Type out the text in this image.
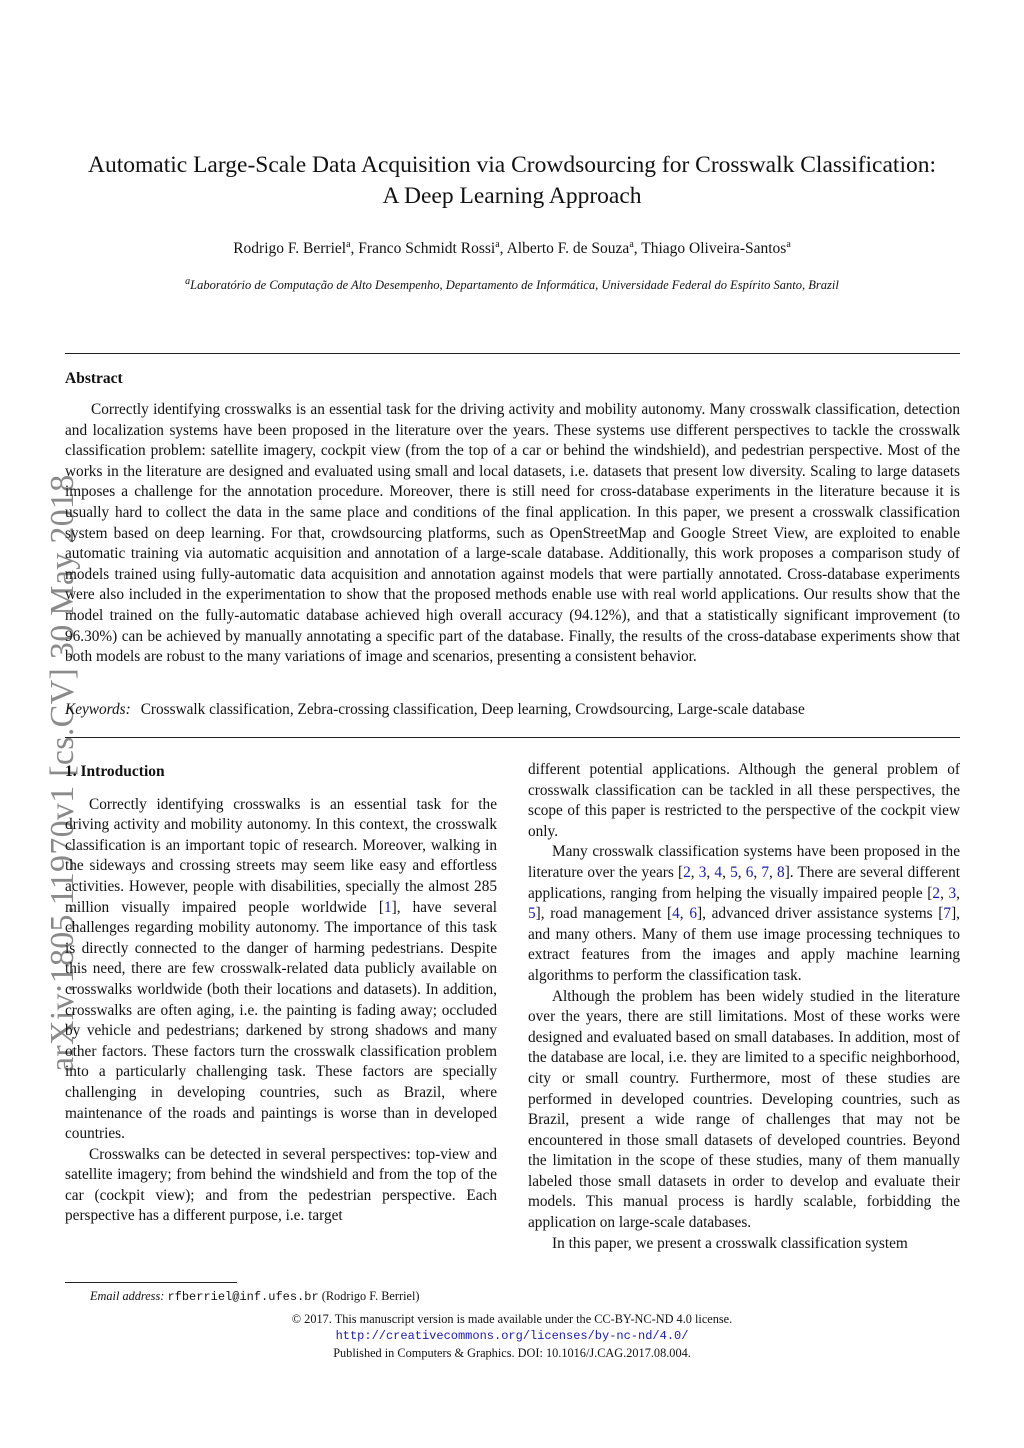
arXiv:1805.11970v1 [cs.CV] 30 May 2018
Automatic Large-Scale Data Acquisition via Crowdsourcing for Crosswalk Classification:
A Deep Learning Approach
Rodrigo F. Berriel$^a$, Franco Schmidt Rossi$^a$, Alberto F. de Souza$^a$, Thiago Oliveira-Santos$^a$
$^a$Laboratório de Computação de Alto Desempenho, Departamento de Informática, Universidade Federal do Espírito Santo, Brazil
Abstract

Correctly identifying crosswalks is an essential task for the driving activity and mobility autonomy. Many crosswalk classification, detection and localization systems have been proposed in the literature over the years. These systems use different perspectives to tackle the crosswalk classification problem: satellite imagery, cockpit view (from the top of a car or behind the windshield), and pedestrian perspective. Most of the works in the literature are designed and evaluated using small and local datasets, i.e. datasets that present low diversity. Scaling to large datasets imposes a challenge for the annotation procedure. Moreover, there is still need for cross-database experiments in the literature because it is usually hard to collect the data in the same place and conditions of the final application. In this paper, we present a crosswalk classification system based on deep learning. For that, crowdsourcing platforms, such as OpenStreetMap and Google Street View, are exploited to enable automatic training via automatic acquisition and annotation of a large-scale database. Additionally, this work proposes a comparison study of models trained using fully-automatic data acquisition and annotation against models that were partially annotated. Cross-database experiments were also included in the experimentation to show that the proposed methods enable use with real world applications. Our results show that the model trained on the fully-automatic database achieved high overall accuracy (94.12%), and that a statistically significant improvement (to 96.30%) can be achieved by manually annotating a specific part of the database. Finally, the results of the cross-database experiments show that both models are robust to the many variations of image and scenarios, presenting a consistent behavior.

Keywords: Crosswalk classification, Zebra-crossing classification, Deep learning, Crowdsourcing, Large-scale database
1. Introduction

Correctly identifying crosswalks is an essential task for the driving activity and mobility autonomy. In this context, the crosswalk classification is an important topic of research. Moreover, walking in the sideways and crossing streets may seem like easy and effortless activities. However, people with disabilities, specially the almost 285 million visually impaired people worldwide [1], have several challenges regarding mobility autonomy. The importance of this task is directly connected to the danger of harming pedestrians. Despite this need, there are few crosswalk-related data publicly available on crosswalks worldwide (both their locations and datasets). In addition, crosswalks are often aging, i.e. the painting is fading away; occluded by vehicle and pedestrians; darkened by strong shadows and many other factors. These factors turn the crosswalk classification problem into a particularly challenging task. These factors are specially challenging in developing countries, such as Brazil, where maintenance of the roads and paintings is worse than in developed countries.

Crosswalks can be detected in several perspectives: top-view and satellite imagery; from behind the windshield and from the top of the car (cockpit view); and from the pedestrian perspective. Each perspective has a different purpose, i.e. target

different potential applications. Although the general problem of crosswalk classification can be tackled in all these perspectives, the scope of this paper is restricted to the perspective of the cockpit view only.

Many crosswalk classification systems have been proposed in the literature over the years [2, 3, 4, 5, 6, 7, 8]. There are several different applications, ranging from helping the visually impaired people [2, 3, 5], road management [4, 6], advanced driver assistance systems [7], and many others. Many of them use image processing techniques to extract features from the images and apply machine learning algorithms to perform the classification task.

Although the problem has been widely studied in the literature over the years, there are still limitations. Most of these works were designed and evaluated based on small databases. In addition, most of the database are local, i.e. they are limited to a specific neighborhood, city or small country. Furthermore, most of these studies are performed in developed countries. Developing countries, such as Brazil, present a wide range of challenges that may not be encountered in those small datasets of developed countries. Beyond the limitation in the scope of these studies, many of them manually labeled those small datasets in order to develop and evaluate their models. This manual process is hardly scalable, forbidding the application on large-scale databases.

In this paper, we present a crosswalk classification system

Email address: rfberriel@inf.ufes.br (Rodrigo F. Berriel)
© 2017. This manuscript version is made available under the CC-BY-NC-ND 4.0 license.
http://creativecommons.org/licenses/by-nc-nd/4.0/
Published in Computers & Graphics. DOI: 10.1016/J.CAG.2017.08.004.
